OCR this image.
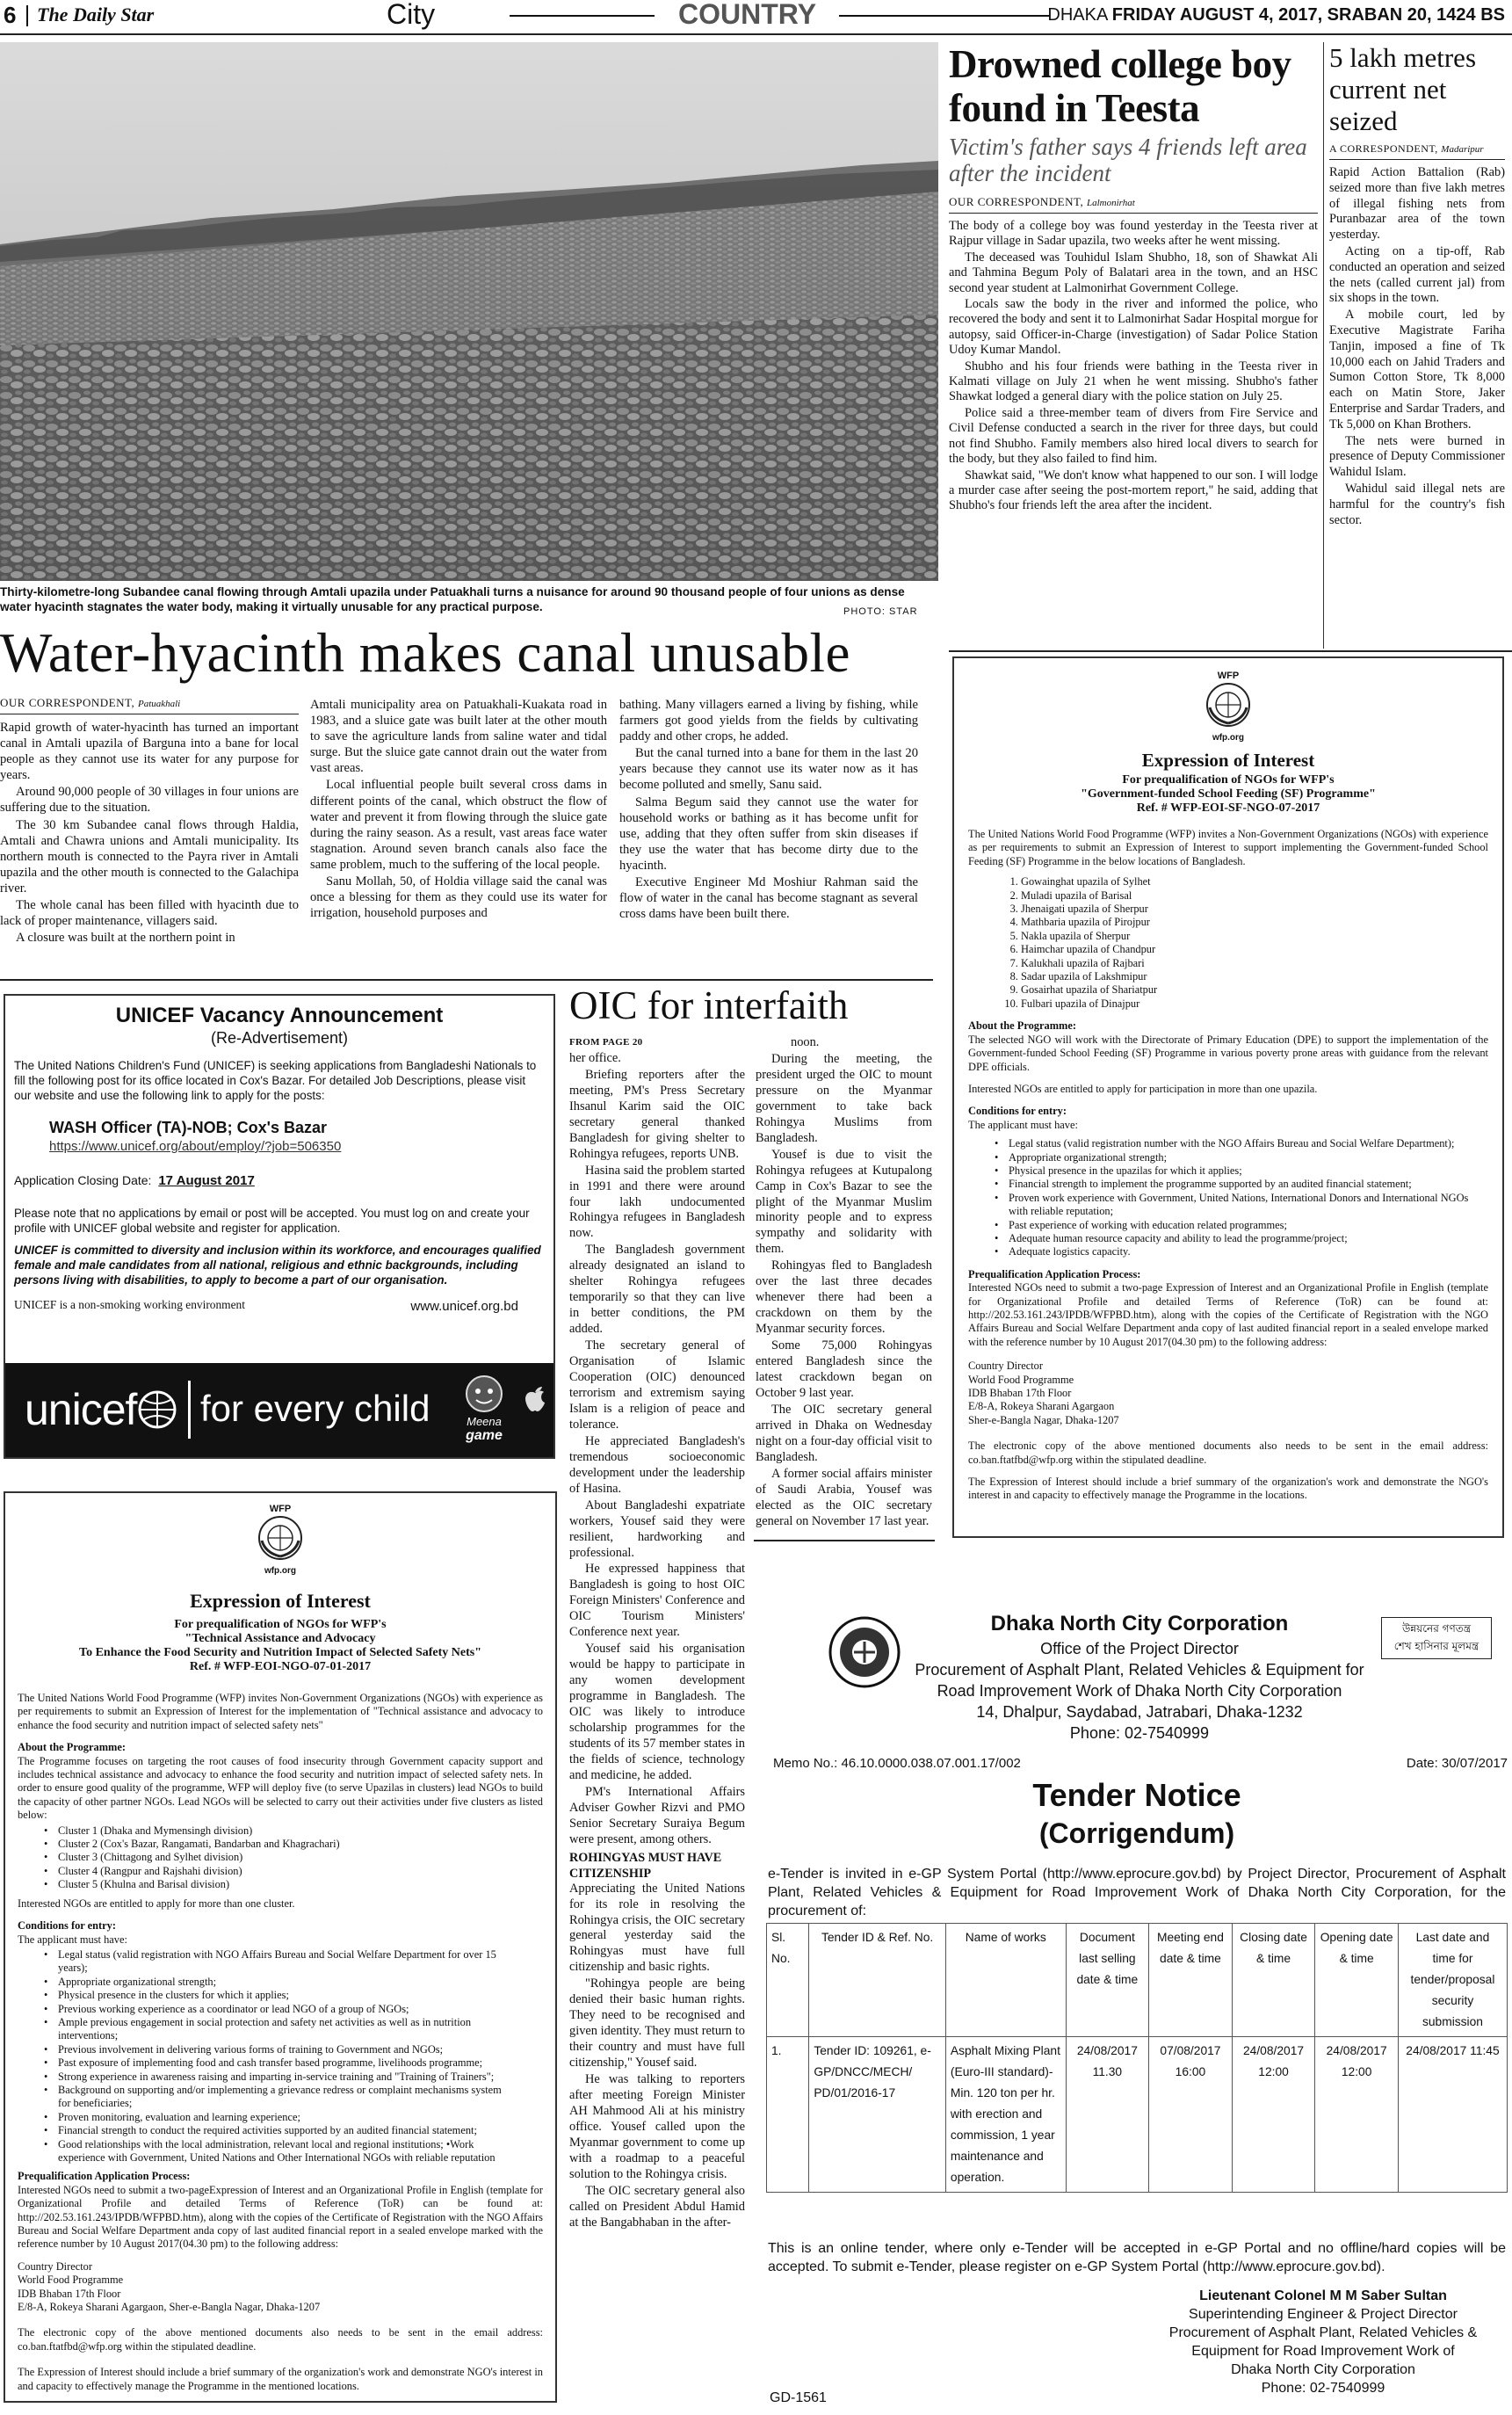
6 The Daily Star	City	COUNTRY	DHAKA FRIDAY AUGUST 4, 2017, SRABAN 20, 1424 BS
Thirty-kilometre-long Subandee canal flowing through Amtali upazila under Patuakhali turns a nuisance for around 90 thousand people of four unions as dense water hyacinth stagnates the water body, making it virtually unusable for any practical purpose.	PHOTO: STAR
Drowned college boy found in Teesta
Victim's father says 4 friends left area after the incident
OUR CORRESPONDENT, Lalmonirhat

The body of a college boy was found yesterday in the Teesta river at Rajpur village in Sadar upazila, two weeks after he went missing.

The deceased was Touhidul Islam Shubho, 18, son of Shawkat Ali and Tahmina Begum Poly of Balatari area in the town, and an HSC second year student at Lalmonirhat Government College.

Locals saw the body in the river and informed the police, who recovered the body and sent it to Lalmonirhat Sadar Hospital morgue for autopsy, said Officer-in-Charge (investigation) of Sadar Police Station Udoy Kumar Mandol.

Shubho and his four friends were bathing in the Teesta river in Kalmati village on July 21 when he went missing. Shubho's father Shawkat lodged a general diary with the police station on July 25.

Police said a three-member team of divers from Fire Service and Civil Defense conducted a search in the river for three days, but could not find Shubho. Family members also hired local divers to search for the body, but they also failed to find him.

Shawkat said, "We don't know what happened to our son. I will lodge a murder case after seeing the post-mortem report," he said, adding that Shubho's four friends left the area after the incident.

5 lakh metres current net seized
A CORRESPONDENT, Madaripur

Rapid Action Battalion (Rab) seized more than five lakh metres of illegal fishing nets from Puranbazar area of the town yesterday.

Acting on a tip-off, Rab conducted an operation and seized the nets (called current jal) from six shops in the town.

A mobile court, led by Executive Magistrate Fariha Tanjin, imposed a fine of Tk 10,000 each on Jahid Traders and Sumon Cotton Store, Tk 8,000 each on Matin Store, Jaker Enterprise and Sardar Traders, and Tk 5,000 on Khan Brothers.

The nets were burned in presence of Deputy Commissioner Wahidul Islam.

Wahidul said illegal nets are harmful for the country's fish sector.

Water-hyacinth makes canal unusable
OUR CORRESPONDENT, Patuakhali

Rapid growth of water-hyacinth has turned an important canal in Amtali upazila of Barguna into a bane for local people as they cannot use its water for any purpose for years.

Around 90,000 people of 30 villages in four unions are suffering due to the situation.

The 30 km Subandee canal flows through Haldia, Amtali and Chawra unions and Amtali municipality. Its northern mouth is connected to the Payra river in Amtali upazila and the other mouth is connected to the Galachipa river.

The whole canal has been filled with hyacinth due to lack of proper maintenance, villagers said.

A closure was built at the northern point in

Amtali municipality area on Patuakhali-Kuakata road in 1983, and a sluice gate was built later at the other mouth to save the agriculture lands from saline water and tidal surge. But the sluice gate cannot drain out the water from vast areas.

Local influential people built several cross dams in different points of the canal, which obstruct the flow of water and prevent it from flowing through the sluice gate during the rainy season. As a result, vast areas face water stagnation. Around seven branch canals also face the same problem, much to the suffering of the local people.

Sanu Mollah, 50, of Holdia village said the canal was once a blessing for them as they could use its water for irrigation, household purposes and

bathing. Many villagers earned a living by fishing, while farmers got good yields from the fields by cultivating paddy and other crops, he added.

But the canal turned into a bane for them in the last 20 years because they cannot use its water now as it has become polluted and smelly, Sanu said.

Salma Begum said they cannot use the water for household works or bathing as it has become unfit for use, adding that they often suffer from skin diseases if they use the water that has become dirty due to the hyacinth.

Executive Engineer Md Moshiur Rahman said the flow of water in the canal has become stagnant as several cross dams have been built there.

UNICEF Vacancy Announcement
(Re-Advertisement)
The United Nations Children's Fund (UNICEF) is seeking applications from Bangladeshi Nationals to fill the following post for its office located in Cox's Bazar. For detailed Job Descriptions, please visit our website and use the following link to apply for the posts:
WASH Officer (TA)-NOB; Cox's Bazar
https://www.unicef.org/about/employ/?job=506350
Application Closing Date: 17 August 2017
Please note that no applications by email or post will be accepted. You must log on and create your profile with UNICEF global website and register for application.
UNICEF is committed to diversity and inclusion within its workforce, and encourages qualified female and male candidates from all national, religious and ethnic backgrounds, including persons living with disabilities, to apply to become a part of our organisation.
UNICEF is a non-smoking working environment	www.unicef.org.bd
unicef for every child	Meena
game
WFP
wfp.org
Expression of Interest
For prequalification of NGOs for WFP's
"Technical Assistance and Advocacy
To Enhance the Food Security and Nutrition Impact of Selected Safety Nets"
Ref. # WFP-EOI-NGO-07-01-2017
The United Nations World Food Programme (WFP) invites Non-Government Organizations (NGOs) with experience as per requirements to submit an Expression of Interest for the implementation of "Technical assistance and advocacy to enhance the food security and nutrition impact of selected safety nets"
About the Programme:
The Programme focuses on targeting the root causes of food insecurity through Government capacity support and includes technical assistance and advocacy to enhance the food security and nutrition impact of selected safety nets. In order to ensure good quality of the programme, WFP will deploy five (to serve Upazilas in clusters) lead NGOs to build the capacity of other partner NGOs. Lead NGOs will be selected to carry out their activities under five clusters as listed below:
• Cluster 1 (Dhaka and Mymensingh division)
• Cluster 2 (Cox's Bazar, Rangamati, Bandarban and Khagrachari)
• Cluster 3 (Chittagong and Sylhet division)
• Cluster 4 (Rangpur and Rajshahi division)
• Cluster 5 (Khulna and Barisal division)
Interested NGOs are entitled to apply for more than one cluster.
Conditions for entry:
The applicant must have:
• Legal status (valid registration with NGO Affairs Bureau and Social Welfare Department for over 15 years);
• Appropriate organizational strength;
• Physical presence in the clusters for which it applies;
• Previous working experience as a coordinator or lead NGO of a group of NGOs;
• Ample previous engagement in social protection and safety net activities as well as in nutrition interventions;
• Previous involvement in delivering various forms of training to Government and NGOs;
• Past exposure of implementing food and cash transfer based programme, livelihoods programme;
• Strong experience in awareness raising and imparting in-service training and "Training of Trainers";
• Background on supporting and/or implementing a grievance redress or complaint mechanisms system for beneficiaries;
• Proven monitoring, evaluation and learning experience;
• Financial strength to conduct the required activities supported by an audited financial statement;
• Good relationships with the local administration, relevant local and regional institutions; •Work experience with Government, United Nations and Other International NGOs with reliable reputation
Prequalification Application Process:
Interested NGOs need to submit a two-pageExpression of Interest and an Organizational Profile in English (template for Organizational Profile and detailed Terms of Reference (ToR) can be found at: http://202.53.161.243/IPDB/WFPBD.htm), along with the copies of the Certificate of Registration with the NGO Affairs Bureau and Social Welfare Department anda copy of last audited financial report in a sealed envelope marked with the reference number by 10 August 2017(04.30 pm) to the following address:
Country Director
World Food Programme
IDB Bhaban 17th Floor
E/8-A, Rokeya Sharani Agargaon, Sher-e-Bangla Nagar, Dhaka-1207
The electronic copy of the above mentioned documents also needs to be sent in the email address: co.ban.ftatfbd@wfp.org within the stipulated deadline.
The Expression of Interest should include a brief summary of the organization's work and demonstrate NGO's interest in and capacity to effectively manage the Programme in the mentioned locations.
OIC for interfaith
FROM PAGE 20

her office.

Briefing reporters after the meeting, PM's Press Secretary Ihsanul Karim said the OIC secretary general thanked Bangladesh for giving shelter to Rohingya refugees, reports UNB.

Hasina said the problem started in 1991 and there were around four lakh undocumented Rohingya refugees in Bangladesh now.

The Bangladesh government already designated an island to shelter Rohingya refugees temporarily so that they can live in better conditions, the PM added.

The secretary general of Organisation of Islamic Cooperation (OIC) denounced terrorism and extremism saying Islam is a religion of peace and tolerance.

He appreciated Bangladesh's tremendous socioeconomic development under the leadership of Hasina.

About Bangladeshi expatriate workers, Yousef said they were resilient, hardworking and professional.

He expressed happiness that Bangladesh is going to host OIC Foreign Ministers' Conference and OIC Tourism Ministers' Conference next year.

Yousef said his organisation would be happy to participate in any women development programme in Bangladesh. The OIC was likely to introduce scholarship programmes for the students of its 57 member states in the fields of science, technology and medicine, he added.

PM's International Affairs Adviser Gowher Rizvi and PMO Senior Secretary Suraiya Begum were present, among others.

ROHINGYAS MUST HAVE CITIZENSHIP

Appreciating the United Nations for its role in resolving the Rohingya crisis, the OIC secretary general yesterday said the Rohingyas must have full citizenship and basic rights.

"Rohingya people are being denied their basic human rights. They need to be recognised and given identity. They must return to their country and must have full citizenship," Yousef said.

He was talking to reporters after meeting Foreign Minister AH Mahmood Ali at his ministry office. Yousef called upon the Myanmar government to come up with a roadmap to a peaceful solution to the Rohingya crisis.

The OIC secretary general also called on President Abdul Hamid at the Bangabhaban in the after-

noon.

During the meeting, the president urged the OIC to mount pressure on the Myanmar government to take back Rohingya Muslims from Bangladesh.

Yousef is due to visit the Rohingya refugees at Kutupalong Camp in Cox's Bazar to see the plight of the Myanmar Muslim minority people and to express sympathy and solidarity with them.

Rohingyas fled to Bangladesh over the last three decades whenever there had been a crackdown on them by the Myanmar security forces.

Some 75,000 Rohingyas entered Bangladesh since the latest crackdown began on October 9 last year.

The OIC secretary general arrived in Dhaka on Wednesday night on a four-day official visit to Bangladesh.

A former social affairs minister of Saudi Arabia, Yousef was elected as the OIC secretary general on November 17 last year.

WFP
wfp.org
Expression of Interest
For prequalification of NGOs for WFP's
"Government-funded School Feeding (SF) Programme"
Ref. # WFP-EOI-SF-NGO-07-2017
The United Nations World Food Programme (WFP) invites a Non-Government Organizations (NGOs) with experience as per requirements to submit an Expression of Interest to support implementing the Government-funded School Feeding (SF) Programme in the below locations of Bangladesh.
1. Gowainghat upazila of Sylhet
2. Muladi upazila of Barisal
3. Jhenaigati upazila of Sherpur
4. Mathbaria upazila of Pirojpur
5. Nakla upazila of Sherpur
6. Haimchar upazila of Chandpur
7. Kalukhali upazila of Rajbari
8. Sadar upazila of Lakshmipur
9. Gosairhat upazila of Shariatpur
10. Fulbari upazila of Dinajpur
About the Programme:
The selected NGO will work with the Directorate of Primary Education (DPE) to support the implementation of the Government-funded School Feeding (SF) Programme in various poverty prone areas with guidance from the relevant DPE officials.
Interested NGOs are entitled to apply for participation in more than one upazila.
Conditions for entry:
The applicant must have:
• Legal status (valid registration number with the NGO Affairs Bureau and Social Welfare Department);
• Appropriate organizational strength;
• Physical presence in the upazilas for which it applies;
• Financial strength to implement the programme supported by an audited financial statement;
• Proven work experience with Government, United Nations, International Donors and International NGOs with reliable reputation;
• Past experience of working with education related programmes;
• Adequate human resource capacity and ability to lead the programme/project;
• Adequate logistics capacity.
Prequalification Application Process:
Interested NGOs need to submit a two-page Expression of Interest and an Organizational Profile in English (template for Organizational Profile and detailed Terms of Reference (ToR) can be found at: http://202.53.161.243/IPDB/WFPBD.htm), along with the copies of the Certificate of Registration with the NGO Affairs Bureau and Social Welfare Department anda copy of last audited financial report in a sealed envelope marked with the reference number by 10 August 2017(04.30 pm) to the following address:
Country Director
World Food Programme
IDB Bhaban 17th Floor
E/8-A, Rokeya Sharani Agargaon
Sher-e-Bangla Nagar, Dhaka-1207
The electronic copy of the above mentioned documents also needs to be sent in the email address: co.ban.ftatfbd@wfp.org within the stipulated deadline.
The Expression of Interest should include a brief summary of the organization's work and demonstrate the NGO's interest in and capacity to effectively manage the Programme in the locations.
Dhaka North City Corporation
Office of the Project Director
Procurement of Asphalt Plant, Related Vehicles & Equipment for
Road Improvement Work of Dhaka North City Corporation
14, Dhalpur, Saydabad, Jatrabari, Dhaka-1232
Phone: 02-7540999
উন্নয়নের গণতন্ত্র
শেখ হাসিনার মূলমন্ত্র
Memo No.: 46.10.0000.038.07.001.17/002	Date: 30/07/2017
Tender Notice
(Corrigendum)
e-Tender is invited in e-GP System Portal (http://www.eprocure.gov.bd) by Project Director, Procurement of Asphalt Plant, Related Vehicles & Equipment for Road Improvement Work of Dhaka North City Corporation, for the procurement of:
Sl. No.	Tender ID & Ref. No.	Name of works	Document last selling date & time	Meeting end date & time	Closing date & time	Opening date & time	Last date and time for tender/proposal security submission
1.	Tender ID: 109261, e-GP/DNCC/MECH/ PD/01/2016-17	Asphalt Mixing Plant (Euro-III standard)-Min. 120 ton per hr. with erection and commission, 1 year maintenance and operation.	24/08/2017 11.30	07/08/2017 16:00	24/08/2017 12:00	24/08/2017 12:00	24/08/2017 11:45
This is an online tender, where only e-Tender will be accepted in e-GP Portal and no offline/hard copies will be accepted. To submit e-Tender, please register on e-GP System Portal (http://www.eprocure.gov.bd).
Lieutenant Colonel M M Saber Sultan
Superintending Engineer & Project Director
Procurement of Asphalt Plant, Related Vehicles &
Equipment for Road Improvement Work of
Dhaka North City Corporation
Phone: 02-7540999
GD-1561
